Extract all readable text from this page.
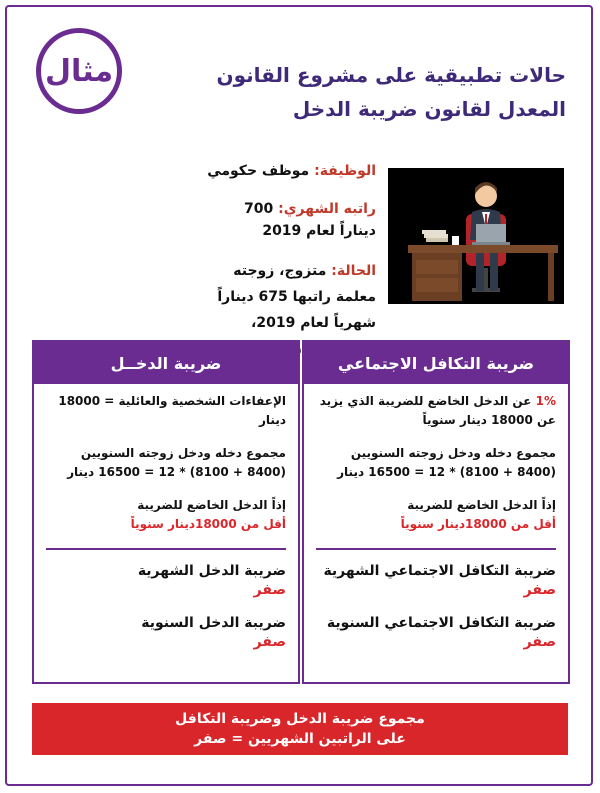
مثال	حالات تطبيقية على مشروع القانون
المعدل لقانون ضريبة الدخل
الوظيفة: موظف حكومي
راتبه الشهري: 700 ديناراً لعام 2019
الحالة: متزوج، زوجته معلمة راتبها 675 ديناراً شهرياً لعام 2019،
ضريبة التكافل الاجتماعي
1% عن الدخل الخاضع للضريبة الذي يزيد عن 18000 دينار سنوياً
مجموع دخله ودخل زوجته السنويين (8400 + 8100) * 12 = 16500 دينار
إذاً الدخل الخاضع للضريبة
أقل من 18000دينار سنوياً
ضريبة التكافل الاجتماعي الشهرية صفر
ضريبة التكافل الاجتماعي السنوية صفر
ضريبة الدخــل
الإعفاءات الشخصية والعائلية = 18000 دينار
مجموع دخله ودخل زوجته السنويين (8400 + 8100) * 12 = 16500 دينار
إذاً الدخل الخاضع للضريبة
أقل من 18000دينار سنوياً
ضريبة الدخل الشهرية
صفر
ضريبة الدخل السنوية
صفر
مجموع ضريبة الدخل وضريبة التكافل
على الراتبين الشهريين = صفر
